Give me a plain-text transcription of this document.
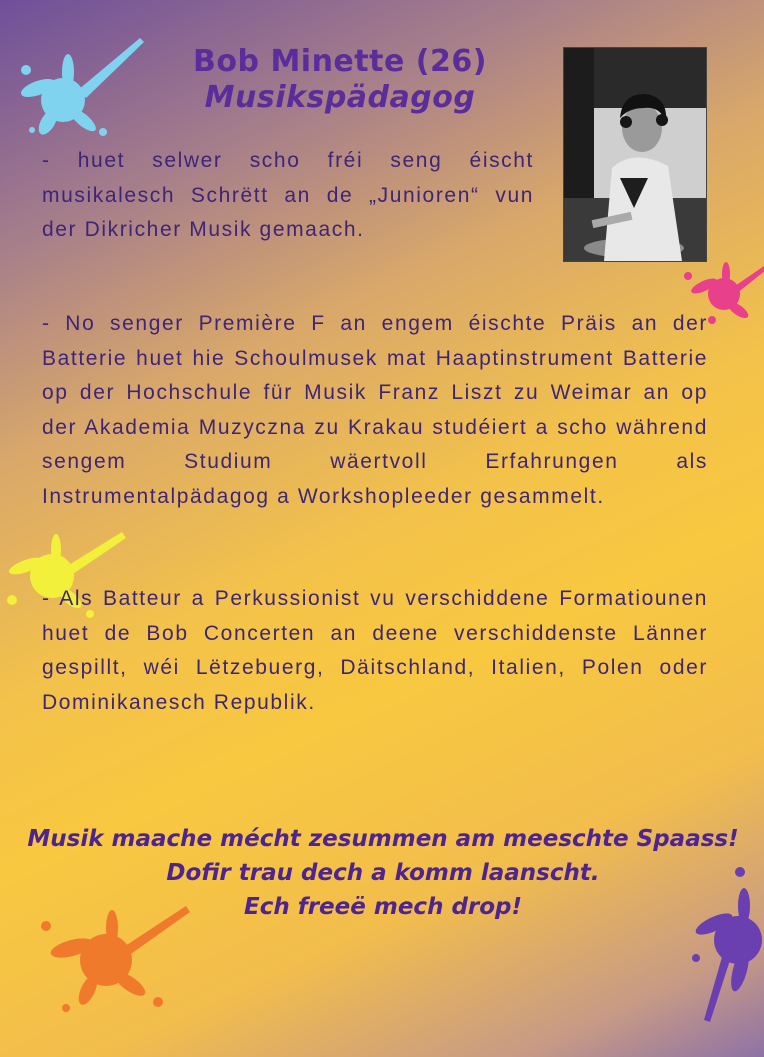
Bob Minette (26)
Musikspädagog
- huet selwer scho fréi seng éischt musikalesch Schrëtt an de „Junioren“ vun der Dikricher Musik gemaach.
- No senger Première F an engem éischte Präis an der Batterie huet hie Schoulmusek mat Haaptinstrument Batterie op der Hochschule für Musik Franz Liszt zu Weimar an op der Akademia Muzyczna zu Krakau studéiert a scho während sengem Studium wäertvoll Erfahrungen als Instrumentalpädagog a Workshopleeder gesammelt.
- Als Batteur a Perkussionist vu verschiddene Formatiounen huet de Bob Concerten an deene verschiddenste Länner gespillt, wéi Lëtzebuerg, Däitschland, Italien, Polen oder Dominikanesch Republik.
Musik maache mécht zesummen am meeschte Spaass!
Dofir trau dech a komm laanscht.
Ech freeë mech drop!
